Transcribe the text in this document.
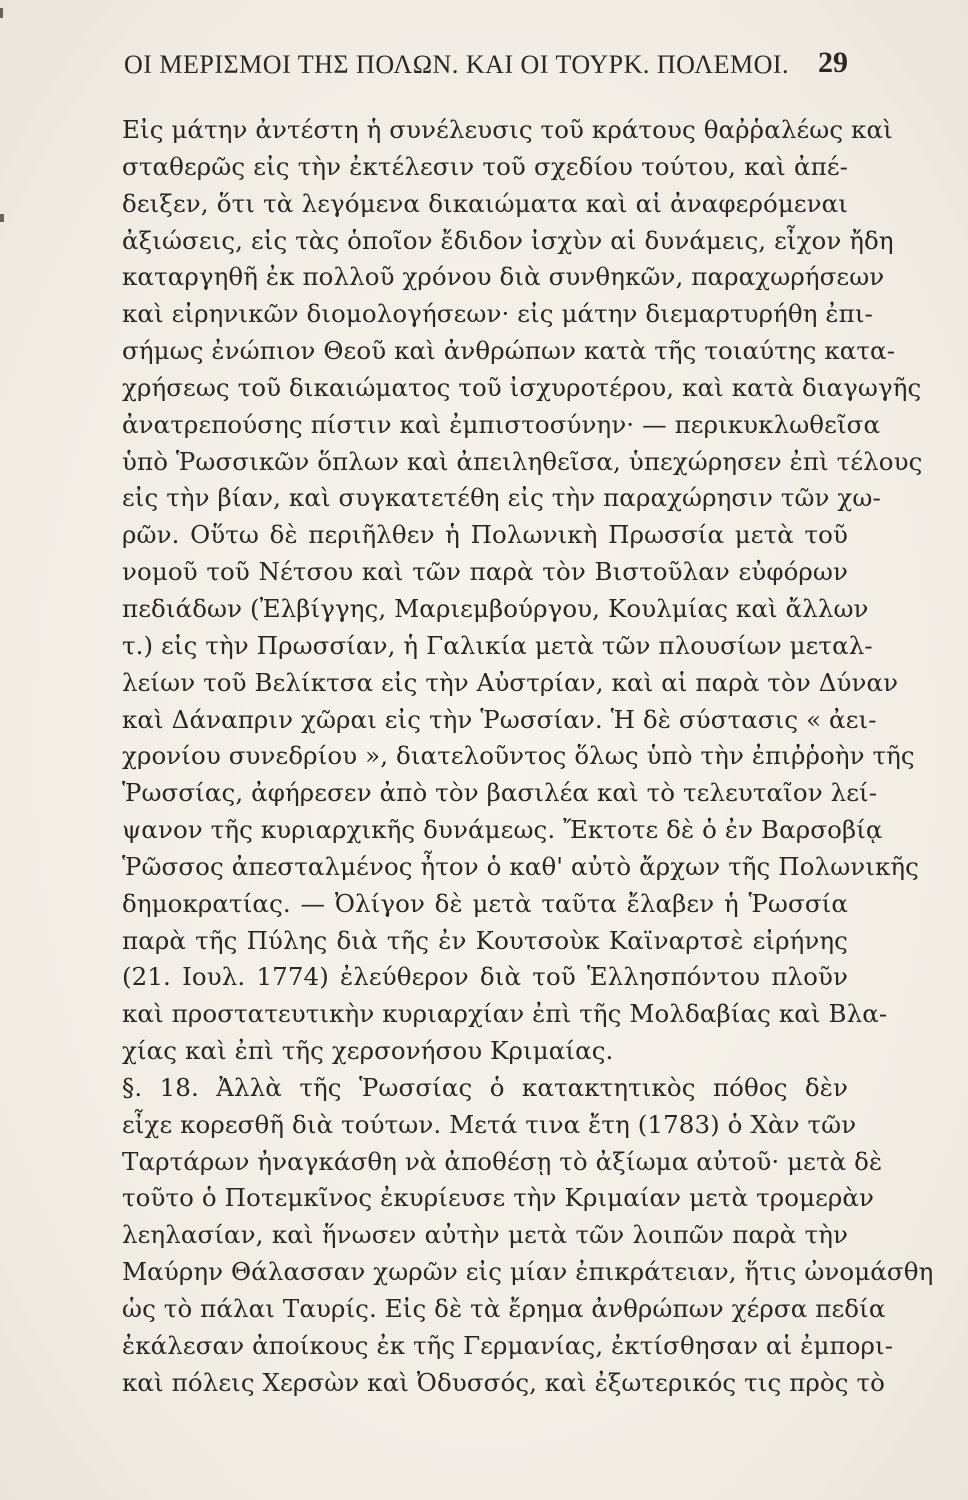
ΟΙ ΜΕΡΙΣΜΟΙ ΤΗΣ ΠΟΛΩΝ. ΚΑΙ ΟΙ ΤΟΥΡΚ. ΠΟΛΕΜΟΙ. 29
Εἰς μάτην ἀντέστη ἡ συνέλευσις τοῦ κράτους θαῤῥαλέως καὶ
σταθερῶς εἰς τὴν ἐκτέλεσιν τοῦ σχεδίου τούτου, καὶ ἀπέ-
δειξεν, ὅτι τὰ λεγόμενα δικαιώματα καὶ αἱ ἀναφερόμεναι
ἀξιώσεις, εἰς τὰς ὁποῖον ἔδιδον ἰσχὺν αἱ δυνάμεις, εἶχον ἤδη
καταργηθῆ ἐκ πολλοῦ χρόνου διὰ συνθηκῶν, παραχωρήσεων
καὶ εἰρηνικῶν διομολογήσεων· εἰς μάτην διεμαρτυρήθη ἐπι-
σήμως ἐνώπιον Θεοῦ καὶ ἀνθρώπων κατὰ τῆς τοιαύτης κατα-
χρήσεως τοῦ δικαιώματος τοῦ ἰσχυροτέρου, καὶ κατὰ διαγωγῆς
ἀνατρεπούσης πίστιν καὶ ἐμπιστοσύνην· — περικυκλωθεῖσα
ὑπὸ Ῥωσσικῶν ὅπλων καὶ ἀπειληθεῖσα, ὑπεχώρησεν ἐπὶ τέλους
εἰς τὴν βίαν, καὶ συγκατετέθη εἰς τὴν παραχώρησιν τῶν χω-
ρῶν. Οὕτω δὲ περιῆλθεν ἡ Πολωνικὴ Πρωσσία μετὰ τοῦ
νομοῦ τοῦ Νέτσου καὶ τῶν παρὰ τὸν Βιστοῦλαν εὐφόρων
πεδιάδων (Ἐλβίγγης, Μαριεμβούργου, Κουλμίας καὶ ἄλλων
τ.) εἰς τὴν Πρωσσίαν, ἡ Γαλικία μετὰ τῶν πλουσίων μεταλ-
λείων τοῦ Βελίκτσα εἰς τὴν Αὐστρίαν, καὶ αἱ παρὰ τὸν Δύναν
καὶ Δάναπριν χῶραι εἰς τὴν Ῥωσσίαν. Ἡ δὲ σύστασις « ἀει-
χρονίου συνεδρίου », διατελοῦντος ὅλως ὑπὸ τὴν ἐπιῤῥοὴν τῆς
Ῥωσσίας, ἀφήρεσεν ἀπὸ τὸν βασιλέα καὶ τὸ τελευταῖον λεί-
ψανον τῆς κυριαρχικῆς δυνάμεως. Ἔκτοτε δὲ ὁ ἐν Βαρσοβίᾳ
Ῥῶσσος ἀπεσταλμένος ἦτον ὁ καθ' αὐτὸ ἄρχων τῆς Πολωνικῆς
δημοκρατίας. — Ὀλίγον δὲ μετὰ ταῦτα ἔλαβεν ἡ Ῥωσσία
παρὰ τῆς Πύλης διὰ τῆς ἐν Κουτσοὺκ Καϊναρτσὲ εἰρήνης
(21. Ιουλ. 1774) ἐλεύθερον διὰ τοῦ Ἑλλησπόντου πλοῦν
καὶ προστατευτικὴν κυριαρχίαν ἐπὶ τῆς Μολδαβίας καὶ Βλα-
χίας καὶ ἐπὶ τῆς χερσονήσου Κριμαίας.
§. 18. Ἀλλὰ τῆς Ῥωσσίας ὁ κατακτητικὸς πόθος δὲν
εἶχε κορεσθῆ διὰ τούτων. Μετά τινα ἔτη (1783) ὁ Χὰν τῶν
Ταρτάρων ἠναγκάσθη νὰ ἀποθέσῃ τὸ ἀξίωμα αὐτοῦ· μετὰ δὲ
τοῦτο ὁ Ποτεμκῖνος ἐκυρίευσε τὴν Κριμαίαν μετὰ τρομερὰν
λεηλασίαν, καὶ ἥνωσεν αὐτὴν μετὰ τῶν λοιπῶν παρὰ τὴν
Μαύρην Θάλασσαν χωρῶν εἰς μίαν ἐπικράτειαν, ἥτις ὠνομάσθη
ὡς τὸ πάλαι Ταυρίς. Εἰς δὲ τὰ ἔρημα ἀνθρώπων χέρσα πεδία
ἐκάλεσαν ἀποίκους ἐκ τῆς Γερμανίας, ἐκτίσθησαν αἱ ἐμπορι-
καὶ πόλεις Χερσὼν καὶ Ὀδυσσός, καὶ ἐξωτερικός τις πρὸς τὸ
